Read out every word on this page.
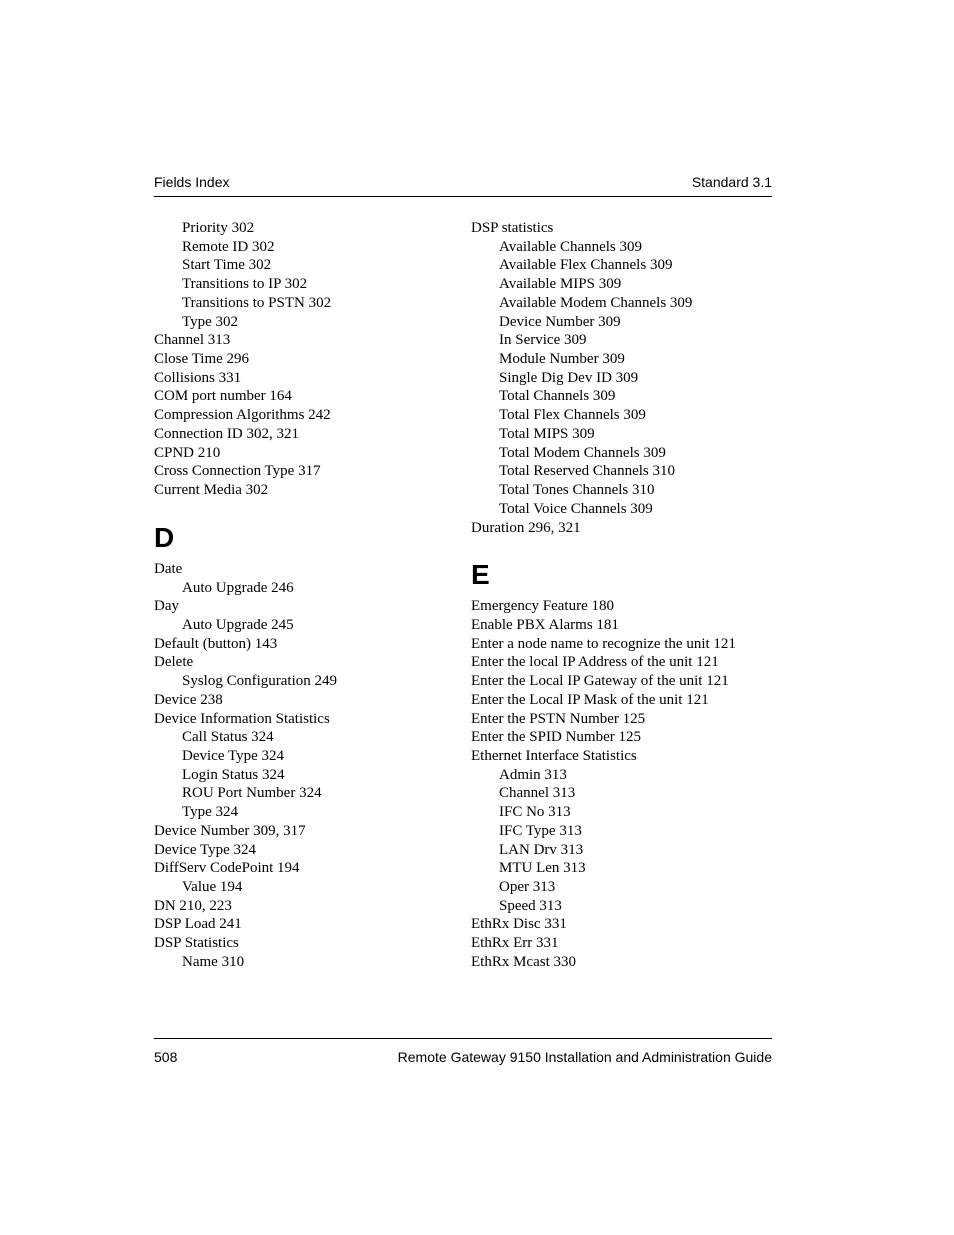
Fields Index	Standard 3.1
Priority 302
Remote ID 302
Start Time 302
Transitions to IP 302
Transitions to PSTN 302
Type 302
Channel 313
Close Time 296
Collisions 331
COM port number 164
Compression Algorithms 242
Connection ID 302, 321
CPND 210
Cross Connection Type 317
Current Media 302
D
Date
Auto Upgrade 246
Day
Auto Upgrade 245
Default (button) 143
Delete
Syslog Configuration 249
Device 238
Device Information Statistics
Call Status 324
Device Type 324
Login Status 324
ROU Port Number 324
Type 324
Device Number 309, 317
Device Type 324
DiffServ CodePoint 194
Value 194
DN 210, 223
DSP Load 241
DSP Statistics
Name 310
DSP statistics
Available Channels 309
Available Flex Channels 309
Available MIPS 309
Available Modem Channels 309
Device Number 309
In Service 309
Module Number 309
Single Dig Dev ID 309
Total Channels 309
Total Flex Channels 309
Total MIPS 309
Total Modem Channels 309
Total Reserved Channels 310
Total Tones Channels 310
Total Voice Channels 309
Duration 296, 321
E
Emergency Feature 180
Enable PBX Alarms 181
Enter a node name to recognize the unit 121
Enter the local IP Address of the unit 121
Enter the Local IP Gateway of the unit 121
Enter the Local IP Mask of the unit 121
Enter the PSTN Number 125
Enter the SPID Number 125
Ethernet Interface Statistics
Admin 313
Channel 313
IFC No 313
IFC Type 313
LAN Drv 313
MTU Len 313
Oper 313
Speed 313
EthRx Disc 331
EthRx Err 331
EthRx Mcast 330
508	Remote Gateway 9150 Installation and Administration Guide
